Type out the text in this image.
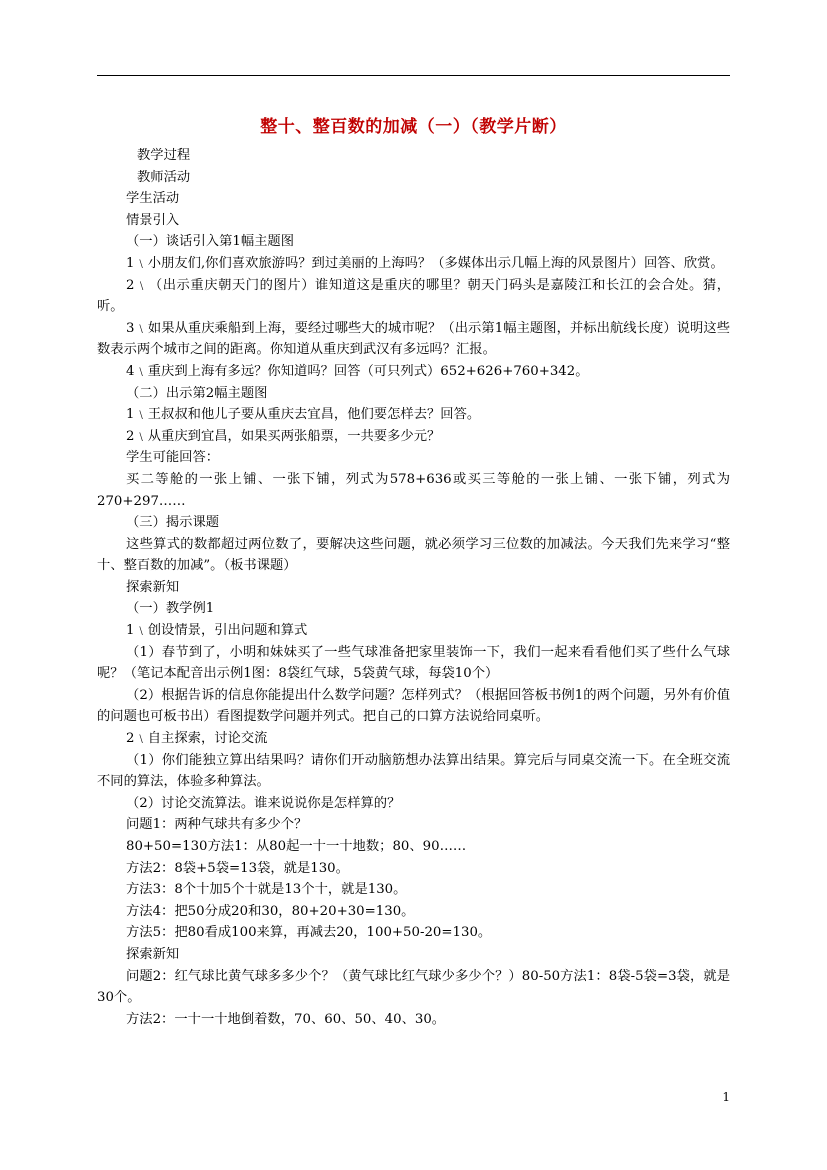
整十、整百数的加减（一）（教学片断）

教学过程

教师活动

学生活动

情景引入

（一）谈话引入第1幅主题图

1﹨小朋友们,你们喜欢旅游吗？到过美丽的上海吗？（多媒体出示几幅上海的风景图片）回答、欣赏。

2﹨（出示重庆朝天门的图片）谁知道这是重庆的哪里？朝天门码头是嘉陵江和长江的会合处。猜，听。

3﹨如果从重庆乘船到上海，要经过哪些大的城市呢？（出示第1幅主题图，并标出航线长度）说明这些数表示两个城市之间的距离。你知道从重庆到武汉有多远吗？汇报。

4﹨重庆到上海有多远？你知道吗？回答（可只列式）652+626+760+342。

（二）出示第2幅主题图

1﹨王叔叔和他儿子要从重庆去宜昌，他们要怎样去？回答。

2﹨从重庆到宜昌，如果买两张船票，一共要多少元？

学生可能回答：

买二等舱的一张上铺、一张下铺，列式为578+636或买三等舱的一张上铺、一张下铺，列式为270+297……

（三）揭示课题

这些算式的数都超过两位数了，要解决这些问题，就必须学习三位数的加减法。今天我们先来学习“整十、整百数的加减”。（板书课题）

探索新知

（一）教学例1

1﹨创设情景，引出问题和算式

（1）春节到了，小明和妹妹买了一些气球准备把家里装饰一下，我们一起来看看他们买了些什么气球呢？（笔记本配音出示例1图：8袋红气球，5袋黄气球，每袋10个）

（2）根据告诉的信息你能提出什么数学问题？怎样列式？（根据回答板书例1的两个问题，另外有价值的问题也可板书出）看图提数学问题并列式。把自己的口算方法说给同桌听。

2﹨自主探索，讨论交流

（1）你们能独立算出结果吗？请你们开动脑筋想办法算出结果。算完后与同桌交流一下。在全班交流不同的算法，体验多种算法。

（2）讨论交流算法。谁来说说你是怎样算的？

问题1：两种气球共有多少个？

80+50=130方法1：从80起一十一十地数；80、90……

方法2：8袋+5袋=13袋，就是130。

方法3：8个十加5个十就是13个十，就是130。

方法4：把50分成20和30，80+20+30=130。

方法5：把80看成100来算，再减去20，100+50-20=130。

探索新知

问题2：红气球比黄气球多多少个？（黄气球比红气球少多少个？）80-50方法1：8袋-5袋=3袋，就是30个。

方法2：一十一十地倒着数，70、60、50、40、30。

1
